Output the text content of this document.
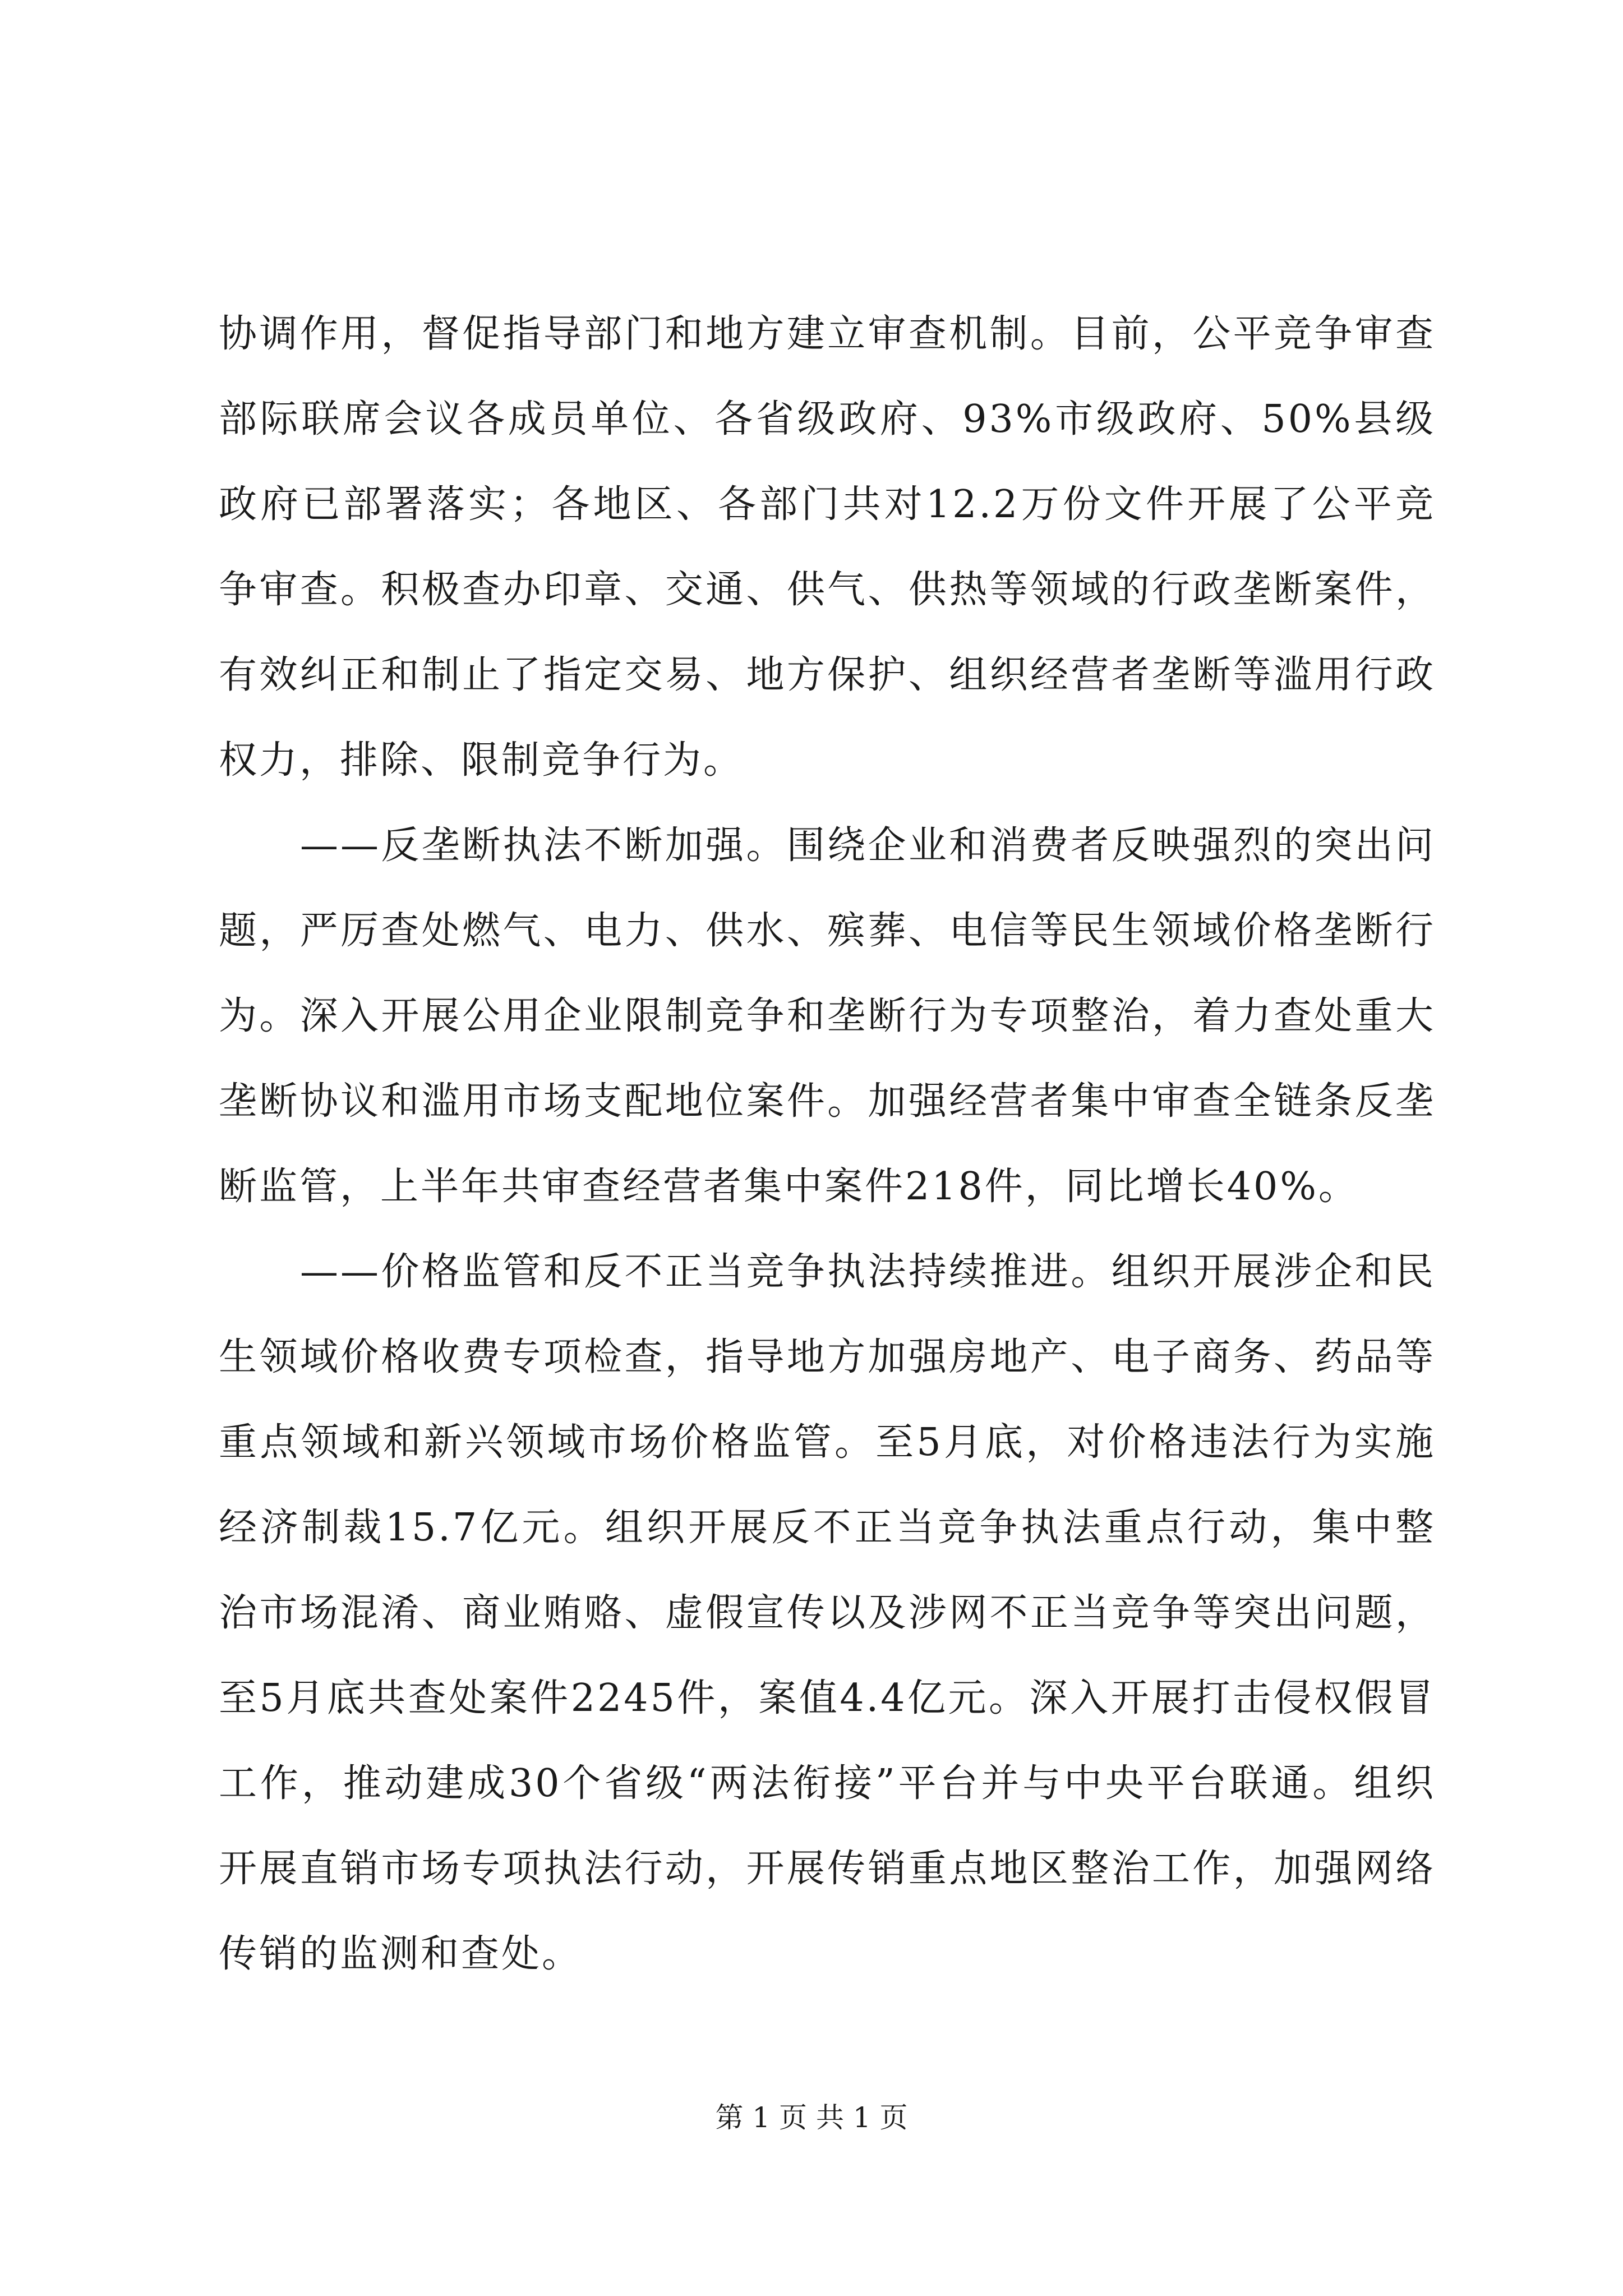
协调作用，督促指导部门和地方建立审查机制。目前，公平竞争审查部际联席会议各成员单位、各省级政府、93%市级政府、50%县级政府已部署落实；各地区、各部门共对12.2万份文件开展了公平竞争审查。积极查办印章、交通、供气、供热等领域的行政垄断案件，有效纠正和制止了指定交易、地方保护、组织经营者垄断等滥用行政权力，排除、限制竞争行为。

——反垄断执法不断加强。围绕企业和消费者反映强烈的突出问题，严厉查处燃气、电力、供水、殡葬、电信等民生领域价格垄断行为。深入开展公用企业限制竞争和垄断行为专项整治，着力查处重大垄断协议和滥用市场支配地位案件。加强经营者集中审查全链条反垄断监管，上半年共审查经营者集中案件218件，同比增长40%。

——价格监管和反不正当竞争执法持续推进。组织开展涉企和民生领域价格收费专项检查，指导地方加强房地产、电子商务、药品等重点领域和新兴领域市场价格监管。至5月底，对价格违法行为实施经济制裁15.7亿元。组织开展反不正当竞争执法重点行动，集中整治市场混淆、商业贿赂、虚假宣传以及涉网不正当竞争等突出问题，至5月底共查处案件2245件，案值4.4亿元。深入开展打击侵权假冒工作，推动建成30个省级“两法衔接”平台并与中央平台联通。组织开展直销市场专项执法行动，开展传销重点地区整治工作，加强网络传销的监测和查处。

第 1 页 共 1 页
